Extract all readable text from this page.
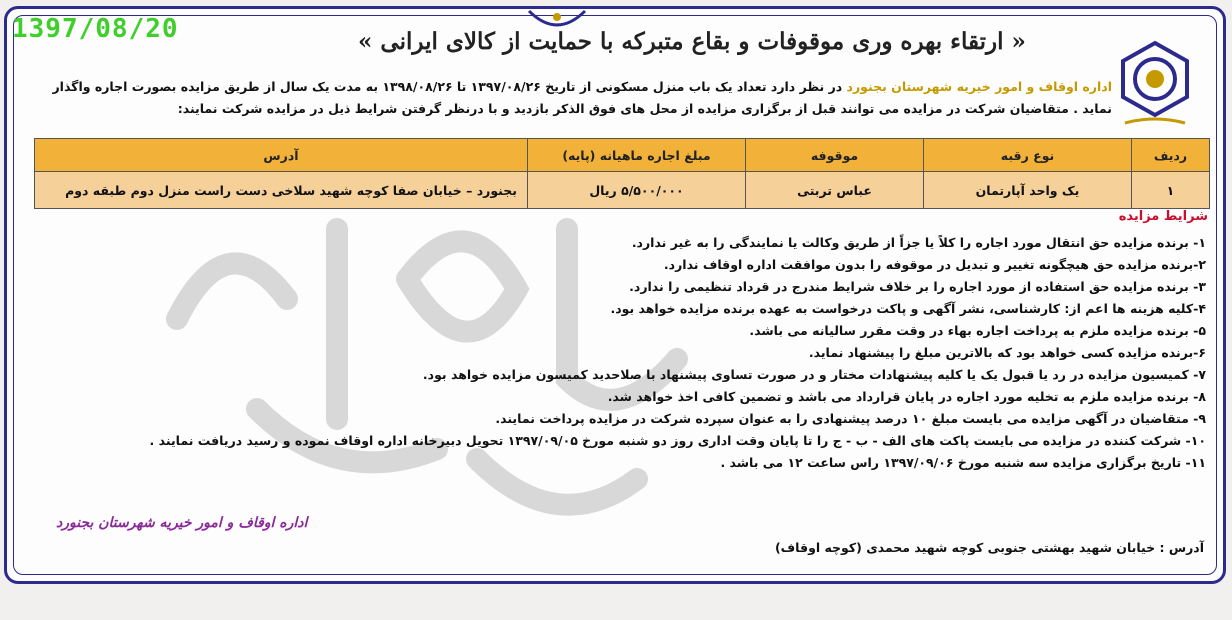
1397/08/20	« ارتقاء بهره وری موقوفات و بقاع متبرکه با حمایت از کالای ایرانی »
اداره اوقاف و امور خیریه شهرستان بجنورد در نظر دارد تعداد یک باب منزل مسکونی از تاریخ ۱۳۹۷/۰۸/۲۶ تا ۱۳۹۸/۰۸/۲۶ به مدت یک سال از طریق مزایده بصورت اجاره واگذار نماید . متقاضیان شرکت در مزایده می توانند قبل از برگزاری مزایده از محل های فوق الذکر بازدید و با درنظر گرفتن شرایط ذیل در مزایده شرکت نمایند:
ردیف	نوع رقبه	موقوفه	مبلغ اجاره ماهیانه (پایه)	آدرس
۱	یک واحد آپارتمان	عباس تربتی	۵/۵۰۰/۰۰۰ ریال	بجنورد – خیابان صفا کوچه شهید سلاخی دست راست منزل دوم طبقه دوم
شرایط مزایده
۱- برنده مزایده حق انتقال مورد اجاره را کلاً یا جزاً از طریق وکالت یا نمایندگی را به غیر ندارد.
۲-برنده مزایده حق هیچگونه تغییر و تبدیل در موقوفه را بدون موافقت اداره اوقاف ندارد.
۳- برنده مزایده حق استفاده از مورد اجاره را بر خلاف شرایط مندرج در قرداد تنظیمی را ندارد.
۴-کلیه هزینه ها اعم از: کارشناسی، نشر آگهی و پاکت درخواست به عهده برنده مزایده خواهد بود.
۵- برنده مزایده ملزم به پرداخت اجاره بهاء در وقت مقرر سالیانه می باشد.
۶-برنده مزایده کسی خواهد بود که بالاترین مبلغ را پیشنهاد نماید.
۷- کمیسیون مزایده در رد یا قبول یک یا کلیه پیشنهادات مختار و در صورت تساوی پیشنهاد با صلاحدید کمیسون مزایده خواهد بود.
۸- برنده مزایده ملزم به تخلیه مورد اجاره در پایان قرارداد می باشد و تضمین کافی اخذ خواهد شد.
۹- متقاضیان در آگهی مزایده می بایست مبلغ ۱۰ درصد پیشنهادی را به عنوان سپرده شرکت در مزایده پرداخت نمایند.
۱۰- شرکت کننده در مزایده می بایست پاکت های الف - ب - ج را تا پایان وقت اداری روز دو شنبه مورخ ۱۳۹۷/۰۹/۰۵ تحویل دبیرخانه اداره اوقاف نموده و رسید دریافت نمایند .
۱۱- تاریخ برگزاری مزایده سه شنبه مورخ ۱۳۹۷/۰۹/۰۶ راس ساعت ۱۲ می باشد .
اداره اوقاف و امور خیریه شهرستان بجنورد
آدرس : خیابان شهید بهشتی جنوبی کوچه شهید محمدی (کوچه اوقاف)
